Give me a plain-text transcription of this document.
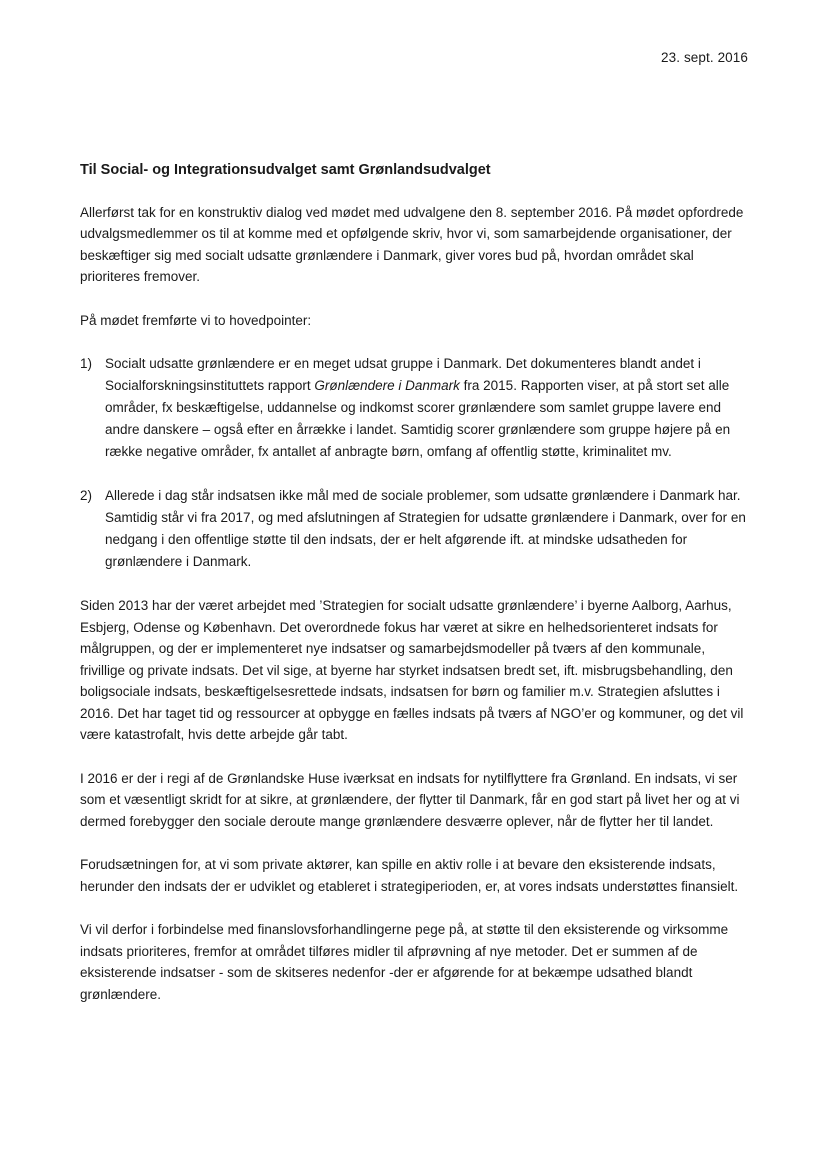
23. sept. 2016

Til Social- og Integrationsudvalget samt Grønlandsudvalget

Allerførst tak for en konstruktiv dialog ved mødet med udvalgene den 8. september 2016. På mødet opfordrede udvalgsmedlemmer os til at komme med et opfølgende skriv, hvor vi, som samarbejdende organisationer, der beskæftiger sig med socialt udsatte grønlændere i Danmark, giver vores bud på, hvordan området skal prioriteres fremover.

På mødet fremførte vi to hovedpointer:

1) Socialt udsatte grønlændere er en meget udsat gruppe i Danmark. Det dokumenteres blandt andet i Socialforskningsinstituttets rapport Grønlændere i Danmark fra 2015. Rapporten viser, at på stort set alle områder, fx beskæftigelse, uddannelse og indkomst scorer grønlændere som samlet gruppe lavere end andre danskere – også efter en årrække i landet. Samtidig scorer grønlændere som gruppe højere på en række negative områder, fx antallet af anbragte børn, omfang af offentlig støtte, kriminalitet mv.
2) Allerede i dag står indsatsen ikke mål med de sociale problemer, som udsatte grønlændere i Danmark har. Samtidig står vi fra 2017, og med afslutningen af Strategien for udsatte grønlændere i Danmark, over for en nedgang i den offentlige støtte til den indsats, der er helt afgørende ift. at mindske udsatheden for grønlændere i Danmark.

Siden 2013 har der været arbejdet med ’Strategien for socialt udsatte grønlændere’ i byerne Aalborg, Aarhus, Esbjerg, Odense og København. Det overordnede fokus har været at sikre en helhedsorienteret indsats for målgruppen, og der er implementeret nye indsatser og samarbejdsmodeller på tværs af den kommunale, frivillige og private indsats. Det vil sige, at byerne har styrket indsatsen bredt set, ift. misbrugsbehandling, den boligsociale indsats, beskæftigelsesrettede indsats, indsatsen for børn og familier m.v. Strategien afsluttes i 2016. Det har taget tid og ressourcer at opbygge en fælles indsats på tværs af NGO’er og kommuner, og det vil være katastrofalt, hvis dette arbejde går tabt.

I 2016 er der i regi af de Grønlandske Huse iværksat en indsats for nytilflyttere fra Grønland. En indsats, vi ser som et væsentligt skridt for at sikre, at grønlændere, der flytter til Danmark, får en god start på livet her og at vi dermed forebygger den sociale deroute mange grønlændere desværre oplever, når de flytter her til landet.

Forudsætningen for, at vi som private aktører, kan spille en aktiv rolle i at bevare den eksisterende indsats, herunder den indsats der er udviklet og etableret i strategiperioden, er, at vores indsats understøttes finansielt.

Vi vil derfor i forbindelse med finanslovsforhandlingerne pege på, at støtte til den eksisterende og virksomme indsats prioriteres, fremfor at området tilføres midler til afprøvning af nye metoder. Det er summen af de eksisterende indsatser - som de skitseres nedenfor -der er afgørende for at bekæmpe udsathed blandt grønlændere.
